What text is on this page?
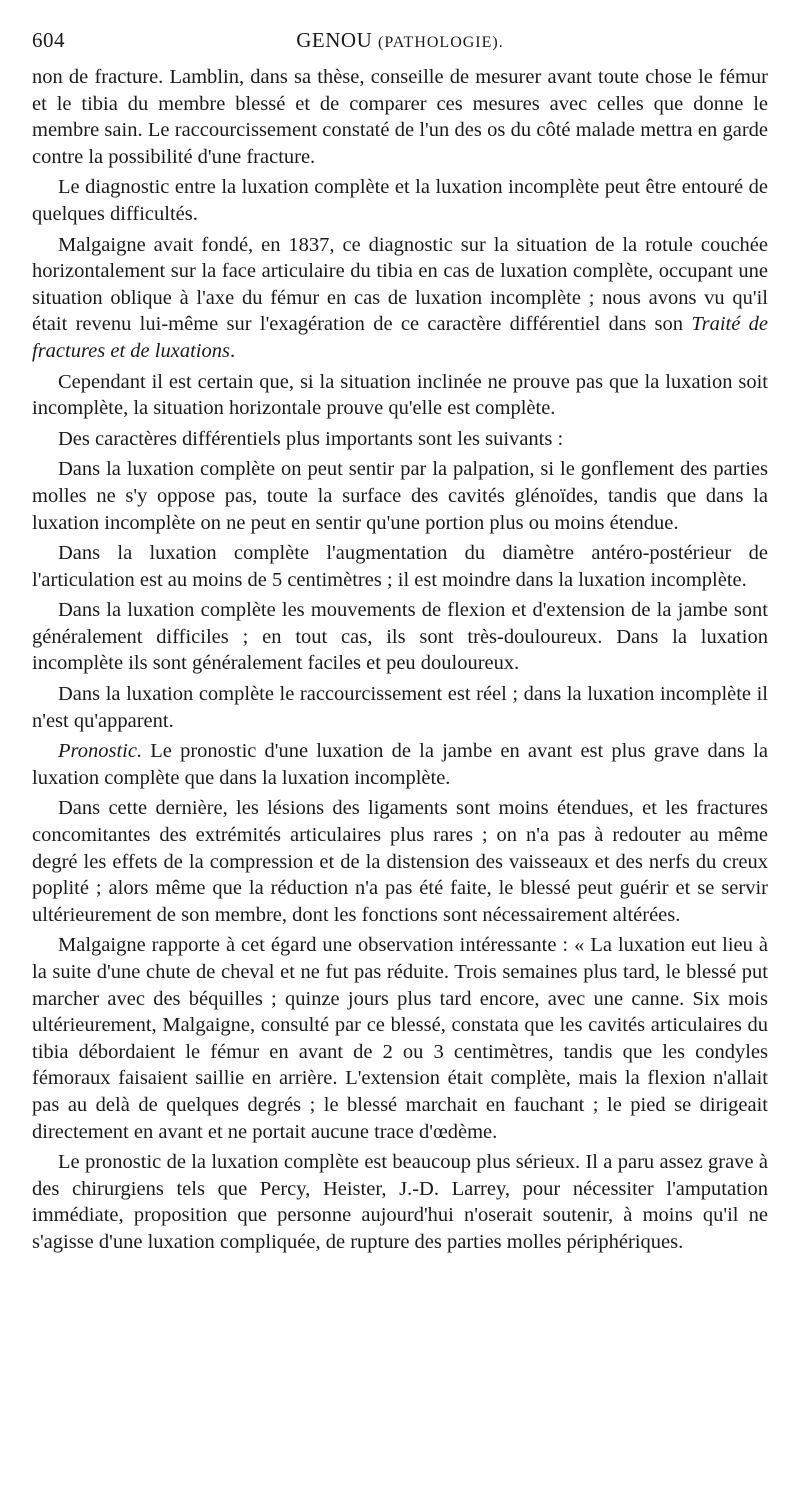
604	GENOU (PATHOLOGIE).

non de fracture. Lamblin, dans sa thèse, conseille de mesurer avant toute chose le fémur et le tibia du membre blessé et de comparer ces mesures avec celles que donne le membre sain. Le raccourcissement constaté de l'un des os du côté malade mettra en garde contre la possibilité d'une fracture.

Le diagnostic entre la luxation complète et la luxation incomplète peut être entouré de quelques difficultés.

Malgaigne avait fondé, en 1837, ce diagnostic sur la situation de la rotule couchée horizontalement sur la face articulaire du tibia en cas de luxation complète, occupant une situation oblique à l'axe du fémur en cas de luxation incomplète ; nous avons vu qu'il était revenu lui-même sur l'exagération de ce caractère différentiel dans son Traité de fractures et de luxations.

Cependant il est certain que, si la situation inclinée ne prouve pas que la luxation soit incomplète, la situation horizontale prouve qu'elle est complète.

Des caractères différentiels plus importants sont les suivants :

Dans la luxation complète on peut sentir par la palpation, si le gonflement des parties molles ne s'y oppose pas, toute la surface des cavités glénoïdes, tandis que dans la luxation incomplète on ne peut en sentir qu'une portion plus ou moins étendue.

Dans la luxation complète l'augmentation du diamètre antéro-postérieur de l'articulation est au moins de 5 centimètres ; il est moindre dans la luxation incomplète.

Dans la luxation complète les mouvements de flexion et d'extension de la jambe sont généralement difficiles ; en tout cas, ils sont très-douloureux. Dans la luxation incomplète ils sont généralement faciles et peu douloureux.

Dans la luxation complète le raccourcissement est réel ; dans la luxation incomplète il n'est qu'apparent.

Pronostic. Le pronostic d'une luxation de la jambe en avant est plus grave dans la luxation complète que dans la luxation incomplète.

Dans cette dernière, les lésions des ligaments sont moins étendues, et les fractures concomitantes des extrémités articulaires plus rares ; on n'a pas à redouter au même degré les effets de la compression et de la distension des vaisseaux et des nerfs du creux poplité ; alors même que la réduction n'a pas été faite, le blessé peut guérir et se servir ultérieurement de son membre, dont les fonctions sont nécessairement altérées.

Malgaigne rapporte à cet égard une observation intéressante : « La luxation eut lieu à la suite d'une chute de cheval et ne fut pas réduite. Trois semaines plus tard, le blessé put marcher avec des béquilles ; quinze jours plus tard encore, avec une canne. Six mois ultérieurement, Malgaigne, consulté par ce blessé, constata que les cavités articulaires du tibia débordaient le fémur en avant de 2 ou 3 centimètres, tandis que les condyles fémoraux faisaient saillie en arrière. L'extension était complète, mais la flexion n'allait pas au delà de quelques degrés ; le blessé marchait en fauchant ; le pied se dirigeait directement en avant et ne portait aucune trace d'œdème.

Le pronostic de la luxation complète est beaucoup plus sérieux. Il a paru assez grave à des chirurgiens tels que Percy, Heister, J.-D. Larrey, pour nécessiter l'amputation immédiate, proposition que personne aujourd'hui n'oserait soutenir, à moins qu'il ne s'agisse d'une luxation compliquée, de rupture des parties molles périphériques.
